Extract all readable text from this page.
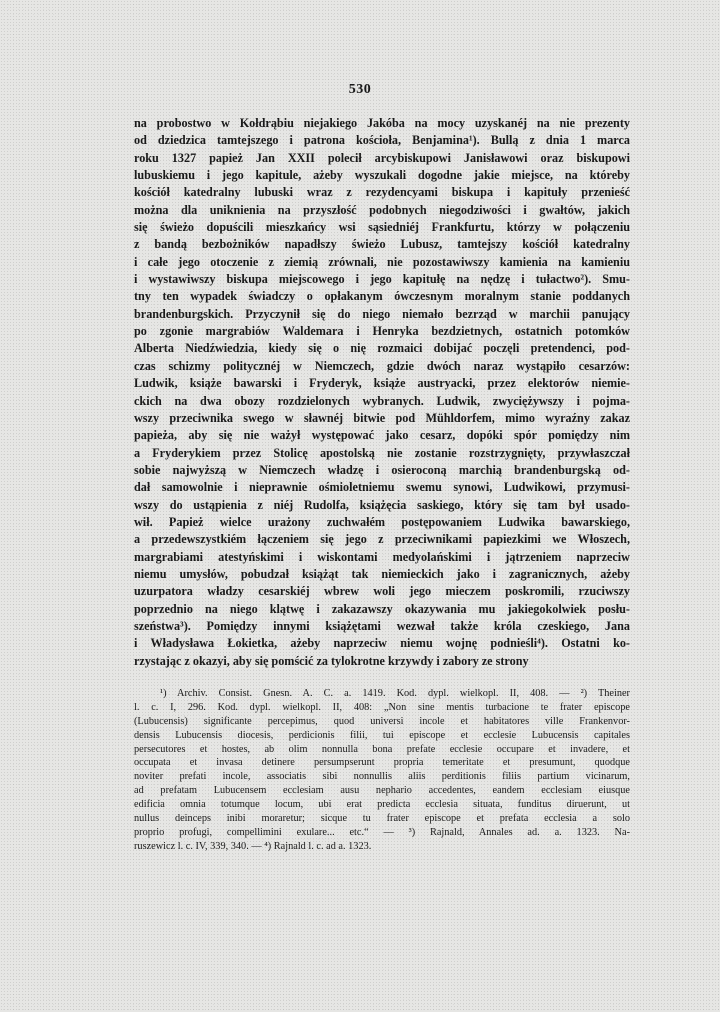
530
na probostwo w Kołdrąbiu niejakiego Jakóba na mocy uzyskanéj na nie prezenty
od dziedzica tamtejszego i patrona kościoła, Benjamina¹). Bullą z dnia 1 marca
roku 1327 papież Jan XXII polecił arcybiskupowi Janisławowi oraz biskupowi
lubuskiemu i jego kapitule, ażeby wyszukali dogodne jakie miejsce, na któreby
kościół katedralny lubuski wraz z rezydencyami biskupa i kapituły przenieść
można dla uniknienia na przyszłość podobnych niegodziwości i gwałtów, jakich
się świeżo dopuścili mieszkańcy wsi sąsiedniéj Frankfurtu, którzy w połączeniu
z bandą bezbożników napadłszy świeżo Lubusz, tamtejszy kościół katedralny
i całe jego otoczenie z ziemią zrównali, nie pozostawiwszy kamienia na kamieniu
i wystawiwszy biskupa miejscowego i jego kapitułę na nędzę i tułactwo²). Smu-
tny ten wypadek świadczy o opłakanym ówczesnym moralnym stanie poddanych
brandenburgskich. Przyczynił się do niego niemało bezrząd w marchii panujący
po zgonie margrabiów Waldemara i Henryka bezdzietnych, ostatnich potomków
Alberta Niedźwiedzia, kiedy się o nię rozmaici dobijać poczęli pretendenci, pod-
czas schizmy politycznéj w Niemczech, gdzie dwóch naraz wystąpiło cesarzów:
Ludwik, książe bawarski i Fryderyk, książe austryacki, przez elektorów niemie-
ckich na dwa obozy rozdzielonych wybranych. Ludwik, zwyciężywszy i pojma-
wszy przeciwnika swego w sławnéj bitwie pod Mühldorfem, mimo wyraźny zakaz
papieża, aby się nie ważył występować jako cesarz, dopóki spór pomiędzy nim
a Fryderykiem przez Stolicę apostolską nie zostanie rozstrzygnięty, przywłaszczał
sobie najwyższą w Niemczech władzę i osieroconą marchią brandenburgską od-
dał samowolnie i nieprawnie ośmioletniemu swemu synowi, Ludwikowi, przymusi-
wszy do ustąpienia z niéj Rudolfa, książęcia saskiego, który się tam był usado-
wił. Papież wielce urażony zuchwałém postępowaniem Ludwika bawarskiego,
a przedewszystkiém łączeniem się jego z przeciwnikami papiezkimi we Włoszech,
margrabiami atestyńskimi i wiskontami medyolańskimi i jątrzeniem naprzeciw
niemu umysłów, pobudzał książąt tak niemieckich jako i zagranicznych, ażeby
uzurpatora władzy cesarskiéj wbrew woli jego mieczem poskromili, rzuciwszy
poprzednio na niego klątwę i zakazawszy okazywania mu jakiegokolwiek posłu-
szeństwa³). Pomiędzy innymi książętami wezwał także króla czeskiego, Jana
i Władysława Łokietka, ażeby naprzeciw niemu wojnę podnieśli⁴). Ostatni ko-
rzystając z okazyi, aby się pomścić za tylokrotne krzywdy i zabory ze strony
¹) Archiv. Consist. Gnesn. A. C. a. 1419. Kod. dypl. wielkopl. II, 408. — ²) Theiner
l. c. I, 296. Kod. dypl. wielkopl. II, 408: „Non sine mentis turbacione te frater episcope
(Lubucensis) significante percepimus, quod universi incole et habitatores ville Frankenvor-
densis Lubucensis diocesis, perdicionis filii, tui episcope et ecclesie Lubucensis capitales
persecutores et hostes, ab olim nonnulla bona prefate ecclesie occupare et invadere, et
occupata et invasa detinere persumpserunt propria temeritate et presumunt, quodque
noviter prefati incole, associatis sibi nonnullis aliis perditionis filiis partium vicinarum,
ad prefatam Lubucensem ecclesiam ausu nephario accedentes, eandem ecclesiam eiusque
edificia omnia totumque locum, ubi erat predicta ecclesia situata, funditus diruerunt, ut
nullus deinceps inibi moraretur; sicque tu frater episcope et prefata ecclesia a solo
proprio profugi, compellimini exulare... etc.“ — ³) Rajnald, Annales ad. a. 1323. Na-
ruszewicz l. c. IV, 339, 340. — ⁴) Rajnald l. c. ad a. 1323.
